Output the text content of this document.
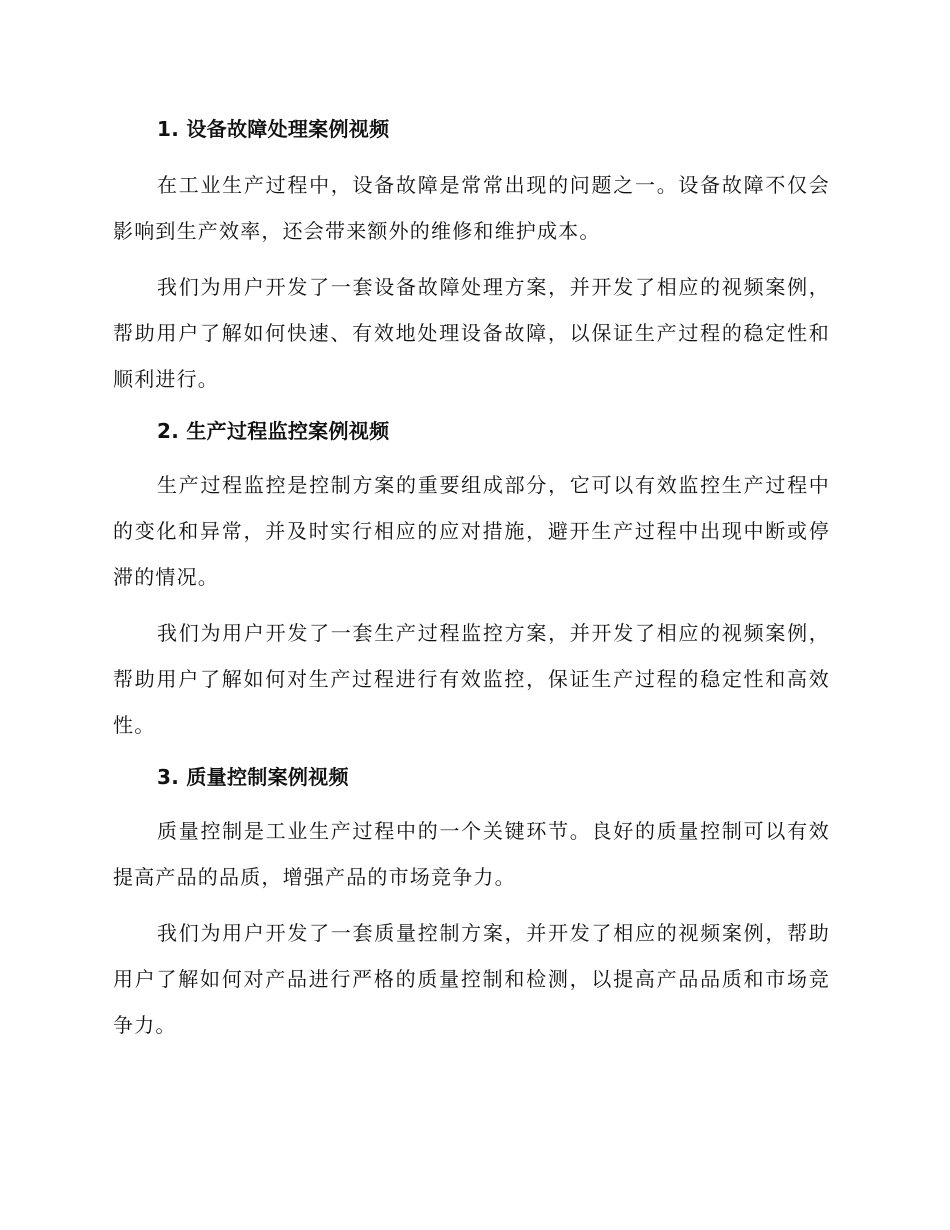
1. 设备故障处理案例视频

在工业生产过程中，设备故障是常常出现的问题之一。设备故障不仅会影响到生产效率，还会带来额外的维修和维护成本。

我们为用户开发了一套设备故障处理方案，并开发了相应的视频案例，帮助用户了解如何快速、有效地处理设备故障，以保证生产过程的稳定性和顺利进行。

2. 生产过程监控案例视频

生产过程监控是控制方案的重要组成部分，它可以有效监控生产过程中的变化和异常，并及时实行相应的应对措施，避开生产过程中出现中断或停滞的情况。

我们为用户开发了一套生产过程监控方案，并开发了相应的视频案例，帮助用户了解如何对生产过程进行有效监控，保证生产过程的稳定性和高效性。

3. 质量控制案例视频

质量控制是工业生产过程中的一个关键环节。良好的质量控制可以有效提高产品的品质，增强产品的市场竞争力。

我们为用户开发了一套质量控制方案，并开发了相应的视频案例，帮助用户了解如何对产品进行严格的质量控制和检测，以提高产品品质和市场竞争力。
